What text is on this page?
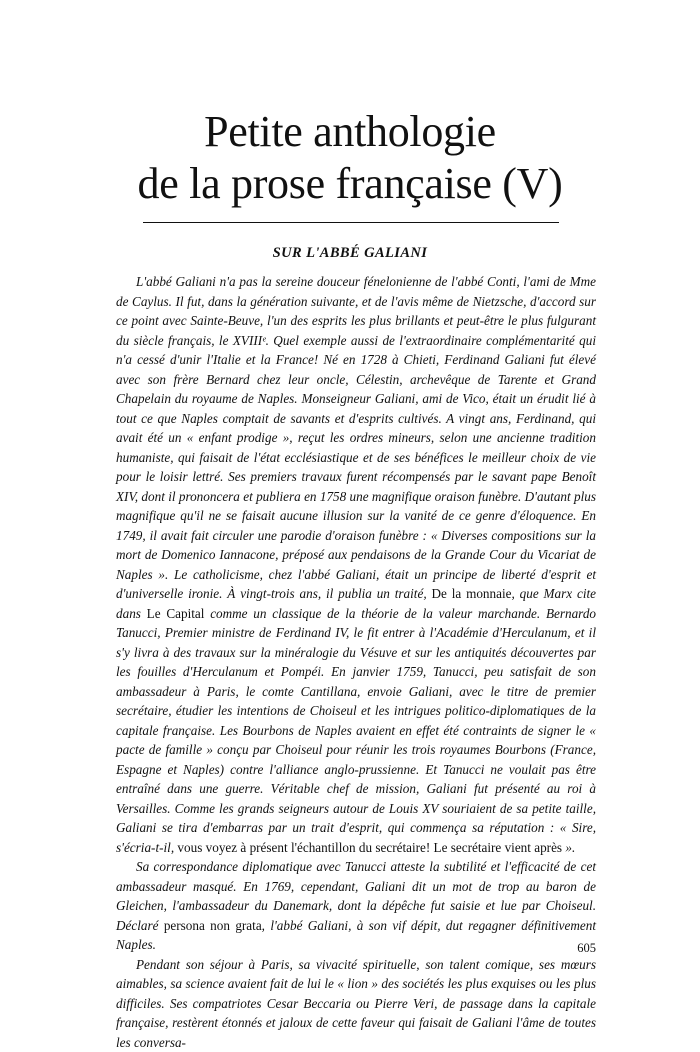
Petite anthologie
de la prose française (V)
SUR L'ABBÉ GALIANI

L'abbé Galiani n'a pas la sereine douceur fénelonienne de l'abbé Conti, l'ami de Mme de Caylus. Il fut, dans la génération suivante, et de l'avis même de Nietzsche, d'accord sur ce point avec Sainte-Beuve, l'un des esprits les plus brillants et peut-être le plus fulgurant du siècle français, le XVIIIᵉ. Quel exemple aussi de l'extraordinaire complémentarité qui n'a cessé d'unir l'Italie et la France! Né en 1728 à Chieti, Ferdinand Galiani fut élevé avec son frère Bernard chez leur oncle, Célestin, archevêque de Tarente et Grand Chapelain du royaume de Naples. Monseigneur Galiani, ami de Vico, était un érudit lié à tout ce que Naples comptait de savants et d'esprits cultivés. A vingt ans, Ferdinand, qui avait été un « enfant prodige », reçut les ordres mineurs, selon une ancienne tradition humaniste, qui faisait de l'état ecclésiastique et de ses bénéfices le meilleur choix de vie pour le loisir lettré. Ses premiers travaux furent récompensés par le savant pape Benoît XIV, dont il prononcera et publiera en 1758 une magnifique oraison funèbre. D'autant plus magnifique qu'il ne se faisait aucune illusion sur la vanité de ce genre d'éloquence. En 1749, il avait fait circuler une parodie d'oraison funèbre : « Diverses compositions sur la mort de Domenico Iannacone, préposé aux pendaisons de la Grande Cour du Vicariat de Naples ». Le catholicisme, chez l'abbé Galiani, était un principe de liberté d'esprit et d'universelle ironie. À vingt-trois ans, il publia un traité, De la monnaie, que Marx cite dans Le Capital comme un classique de la théorie de la valeur marchande. Bernardo Tanucci, Premier ministre de Ferdinand IV, le fit entrer à l'Académie d'Herculanum, et il s'y livra à des travaux sur la minéralogie du Vésuve et sur les antiquités découvertes par les fouilles d'Herculanum et Pompéi. En janvier 1759, Tanucci, peu satisfait de son ambassadeur à Paris, le comte Cantillana, envoie Galiani, avec le titre de premier secrétaire, étudier les intentions de Choiseul et les intrigues politico-diplomatiques de la capitale française. Les Bourbons de Naples avaient en effet été contraints de signer le « pacte de famille » conçu par Choiseul pour réunir les trois royaumes Bourbons (France, Espagne et Naples) contre l'alliance anglo-prussienne. Et Tanucci ne voulait pas être entraîné dans une guerre. Véritable chef de mission, Galiani fut présenté au roi à Versailles. Comme les grands seigneurs autour de Louis XV souriaient de sa petite taille, Galiani se tira d'embarras par un trait d'esprit, qui commença sa réputation : « Sire, s'écria-t-il, vous voyez à présent l'échantillon du secrétaire! Le secrétaire vient après ».

Sa correspondance diplomatique avec Tanucci atteste la subtilité et l'efficacité de cet ambassadeur masqué. En 1769, cependant, Galiani dit un mot de trop au baron de Gleichen, l'ambassadeur du Danemark, dont la dépêche fut saisie et lue par Choiseul. Déclaré persona non grata, l'abbé Galiani, à son vif dépit, dut regagner définitivement Naples.

Pendant son séjour à Paris, sa vivacité spirituelle, son talent comique, ses mœurs aimables, sa science avaient fait de lui le « lion » des sociétés les plus exquises ou les plus difficiles. Ses compatriotes Cesar Beccaria ou Pierre Veri, de passage dans la capitale française, restèrent étonnés et jaloux de cette faveur qui faisait de Galiani l'âme de toutes les conversa-

605
